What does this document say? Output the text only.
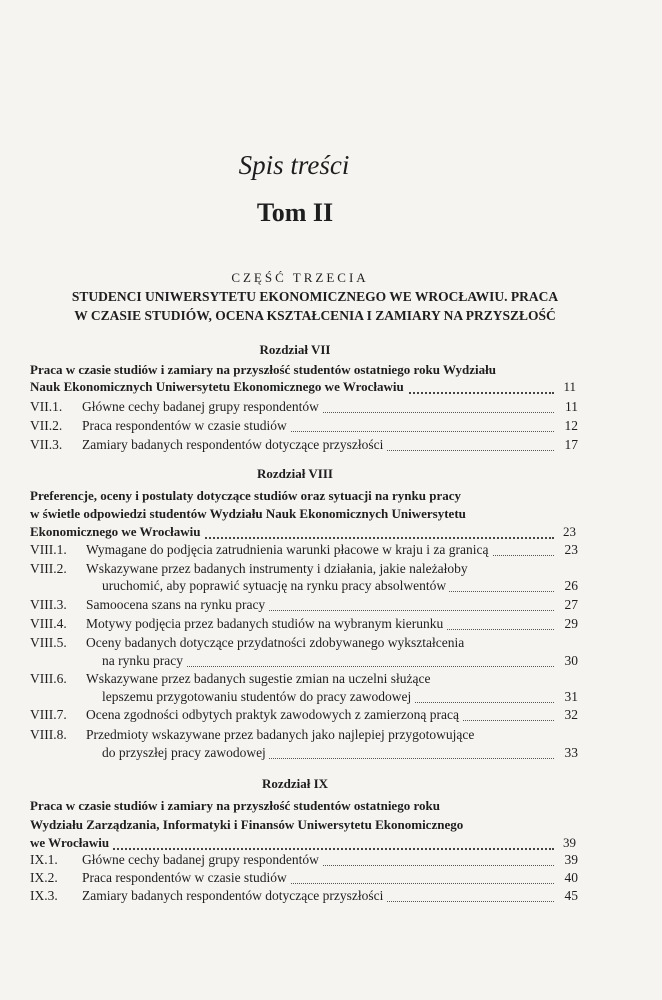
Spis treści
Tom II
CZĘŚĆ TRZECIA
STUDENCI UNIWERSYTETU EKONOMICZNEGO WE WROCŁAWIU. PRACA
W CZASIE STUDIÓW, OCENA KSZTAŁCENIA I ZAMIARY NA PRZYSZŁOŚĆ
Rozdział VII
Praca w czasie studiów i zamiary na przyszłość studentów ostatniego roku Wydziału
Nauk Ekonomicznych Uniwersytetu Ekonomicznego we Wrocławiu	11
VII.1. Główne cechy badanej grupy respondentów	11
VII.2. Praca respondentów w czasie studiów	12
VII.3. Zamiary badanych respondentów dotyczące przyszłości	17
Rozdział VIII
Preferencje, oceny i postulaty dotyczące studiów oraz sytuacji na rynku pracy
w świetle odpowiedzi studentów Wydziału Nauk Ekonomicznych Uniwersytetu
Ekonomicznego we Wrocławiu	23
VIII.1. Wymagane do podjęcia zatrudnienia warunki płacowe w kraju i za granicą	23
VIII.2. Wskazywane przez badanych instrumenty i działania, jakie należałoby
uruchomić, aby poprawić sytuację na rynku pracy absolwentów	26
VIII.3. Samoocena szans na rynku pracy	27
VIII.4. Motywy podjęcia przez badanych studiów na wybranym kierunku	29
VIII.5. Oceny badanych dotyczące przydatności zdobywanego wykształcenia
na rynku pracy	30
VIII.6. Wskazywane przez badanych sugestie zmian na uczelni służące
lepszemu przygotowaniu studentów do pracy zawodowej	31
VIII.7. Ocena zgodności odbytych praktyk zawodowych z zamierzoną pracą	32
VIII.8. Przedmioty wskazywane przez badanych jako najlepiej przygotowujące
do przyszłej pracy zawodowej	33
Rozdział IX
Praca w czasie studiów i zamiary na przyszłość studentów ostatniego roku
Wydziału Zarządzania, Informatyki i Finansów Uniwersytetu Ekonomicznego
we Wrocławiu	39
IX.1. Główne cechy badanej grupy respondentów	39
IX.2. Praca respondentów w czasie studiów	40
IX.3. Zamiary badanych respondentów dotyczące przyszłości	45
